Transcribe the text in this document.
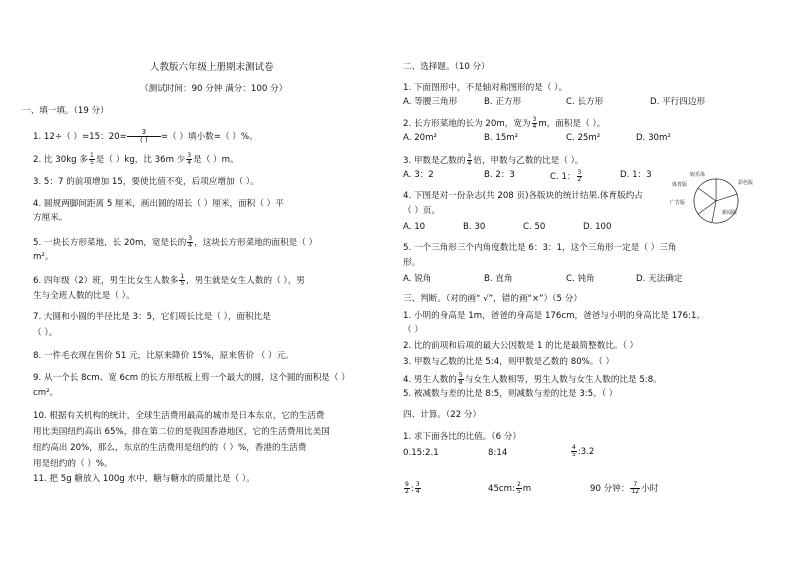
人教版六年级上册期末测试卷
（测试时间：90 分钟 满分：100 分）
一、填一填。（19 分）
1. 12÷（ ）=15：20=	3
( )	=（ ）填小数=（ ）%。
2. 比 30kg 多 $\frac{1}{5}$ 是（ ）kg，比 36m 少 $\frac{3}{4}$ 是（ ）m。
3. 5：7 的前项增加 15，要使比值不变，后项应增加（ ）。
4. 圆规两脚间距离 5 厘米，画出圆的周长（ ）厘米，面积（ ）平
方厘米。
5. 一块长方形菜地，长 20m，宽是长的 $\frac{3}{4}$ ，这块长方形菜地的面积是（ ）
m²。
6. 四年级（2）班，男生比女生人数多 $\frac{1}{5}$ ，男生就是女生人数的（ ），男
生与全班人数的比是（ ）。
7. 大圆和小圆的半径比是 3：5，它们周长比是（ ），面积比是
（ ）。
8. 一件毛衣现在售价 51 元，比原来降价 15%，原来售价 （ ）元。
9. 从一个长 8cm、宽 6cm 的长方形纸板上剪一个最大的圆，这个圆的面积是（ ）
cm²。
10. 根据有关机构的统计，全球生活费用最高的城市是日本东京，它的生活费
用比美国纽约高出 65%，排在第二位的是我国香港地区，它的生活费用比美国
纽约高出 20%，那么，东京的生活费用是纽约的（ ）%，香港的生活费
用是纽约的（ ）%。
11. 把 5g 糖放入 100g 水中，糖与糖水的质量比是（ ）。
二、选择题。（10 分）
1. 下面图形中，不是轴对称图形的是（ ）。
A. 等腰三角形	B. 正方形	C. 长方形	D. 平行四边形
2. 长方形菜地的长为 20m，宽为 $\frac{3}{4}$ m，面积是（ ）。
A. 20m²	B. 15m²	C. 25m²	D. 30m²
3. 甲数是乙数的 $\frac{3}{4}$ 倍，甲数与乙数的比是（ ）。
A. 3：2	B. 2：3	C. 1： $\frac{3}{2}$	D. 1：3
4. 下图是对一份杂志(共 208 页)各版块的统计结果.体育版约占
（ ）页。
A. 10	B. 30	C. 50	D. 100
5. 一个三角形三个内角度数比是 6：3：1，这个三角形一定是（ ）三角
形。
A. 锐角	B. 直角	C. 钝角	D. 无法确定
三、判断。（对的画“ √”，错的画“×”）（5 分）
1. 小明的身高是 1m，爸爸的身高是 176cm，爸爸与小明的身高比是 176:1。
（ ）
2. 比的前项和后项的最大公因数是 1 的比是最简整数比。（ ）
3. 甲数与乙数的比是 5:4，则甲数是乙数的 80%。（ ）
4. 男生人数的 $\frac{5}{8}$ 与女生人数相等，男生人数与女生人数的比是 5:8。
5. 被减数与差的比是 8:5，则减数与差的比是 3:5。（ ）
四、计算。（22 分）
1. 求下面各比的比值。（6 分）
0.15:2.1	8:14	$\frac{4}{5}$ :3.2
$\frac{9}{2}$ : $\frac{3}{4}$	45cm: $\frac{2}{5}$ m	90 分钟： $\frac{7}{12}$ 小时
娱乐体
新闻版
体育版	彩色版
广告版
